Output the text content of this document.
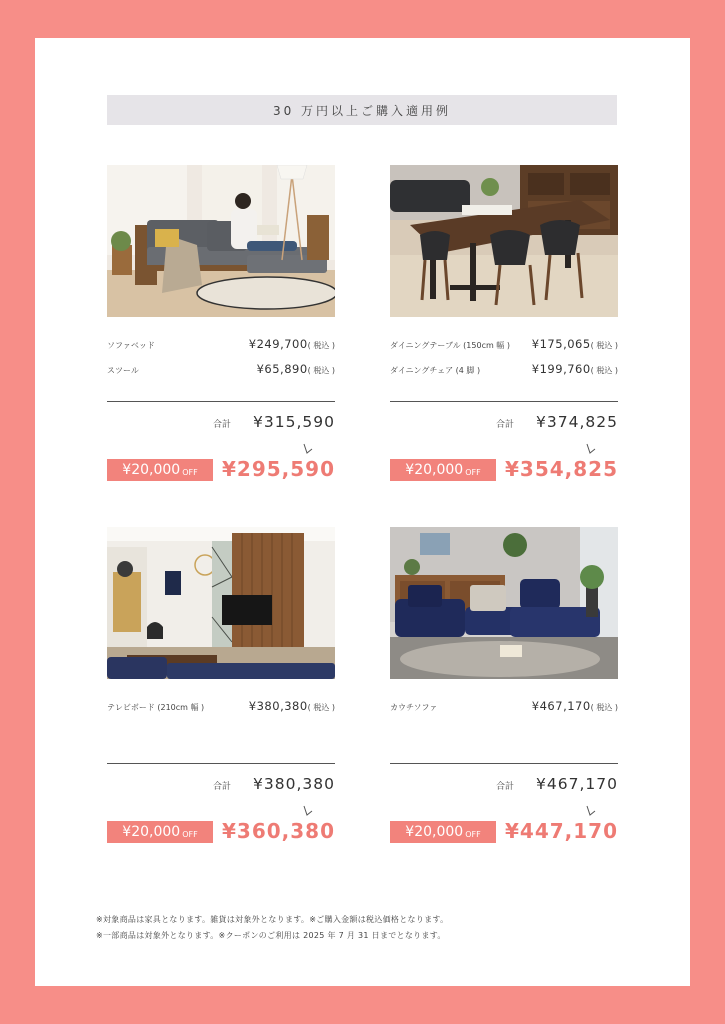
30 万円以上ご購入適用例
ソファベッド	¥249,700( 税込 )
スツール	¥65,890( 税込 )
合計 ¥315,590
¥20,000 OFF ¥295,590
ダイニングテーブル (150cm 幅 ) ¥175,065( 税込 )
ダイニングチェア (4 脚 )	¥199,760( 税込 )
合計 ¥374,825
¥20,000 OFF ¥354,825
テレビボード (210cm 幅 )	¥380,380( 税込 )
合計 ¥380,380
¥20,000 OFF ¥360,380
カウチソファ	¥467,170( 税込 )
合計 ¥467,170
¥20,000 OFF ¥447,170
※対象商品は家具となります。雑貨は対象外となります。※ご購入金額は税込価格となります。
※一部商品は対象外となります。※クーポンのご利用は 2025 年 7 月 31 日までとなります。
